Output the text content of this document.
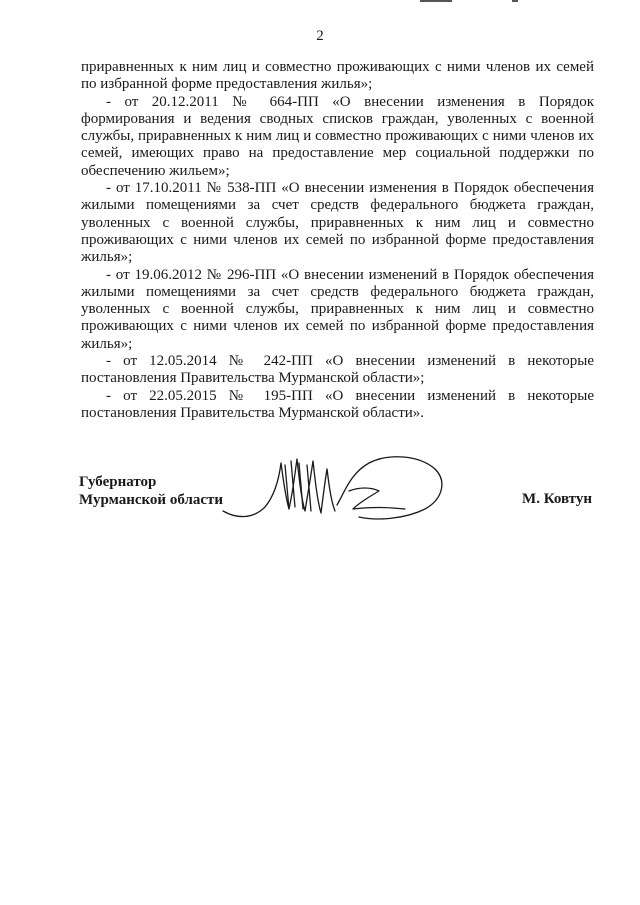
2

приравненных к ним лиц и совместно проживающих с ними членов их семей по избранной форме предоставления жилья»;

- от 20.12.2011 № 664-ПП «О внесении изменения в Порядок формирования и ведения сводных списков граждан, уволенных с военной службы, приравненных к ним лиц и совместно проживающих с ними членов их семей, имеющих право на предоставление мер социальной поддержки по обеспечению жильем»;

- от 17.10.2011 № 538-ПП «О внесении изменения в Порядок обеспечения жилыми помещениями за счет средств федерального бюджета граждан, уволенных с военной службы, приравненных к ним лиц и совместно проживающих с ними членов их семей по избранной форме предоставления жилья»;

- от 19.06.2012 № 296-ПП «О внесении изменений в Порядок обеспечения жилыми помещениями за счет средств федерального бюджета граждан, уволенных с военной службы, приравненных к ним лиц и совместно проживающих с ними членов их семей по избранной форме предоставления жилья»;

- от 12.05.2014 № 242-ПП «О внесении изменений в некоторые постановления Правительства Мурманской области»;

- от 22.05.2015 № 195-ПП «О внесении изменений в некоторые постановления Правительства Мурманской области».

Губернатор
Мурманской области	М. Ковтун
